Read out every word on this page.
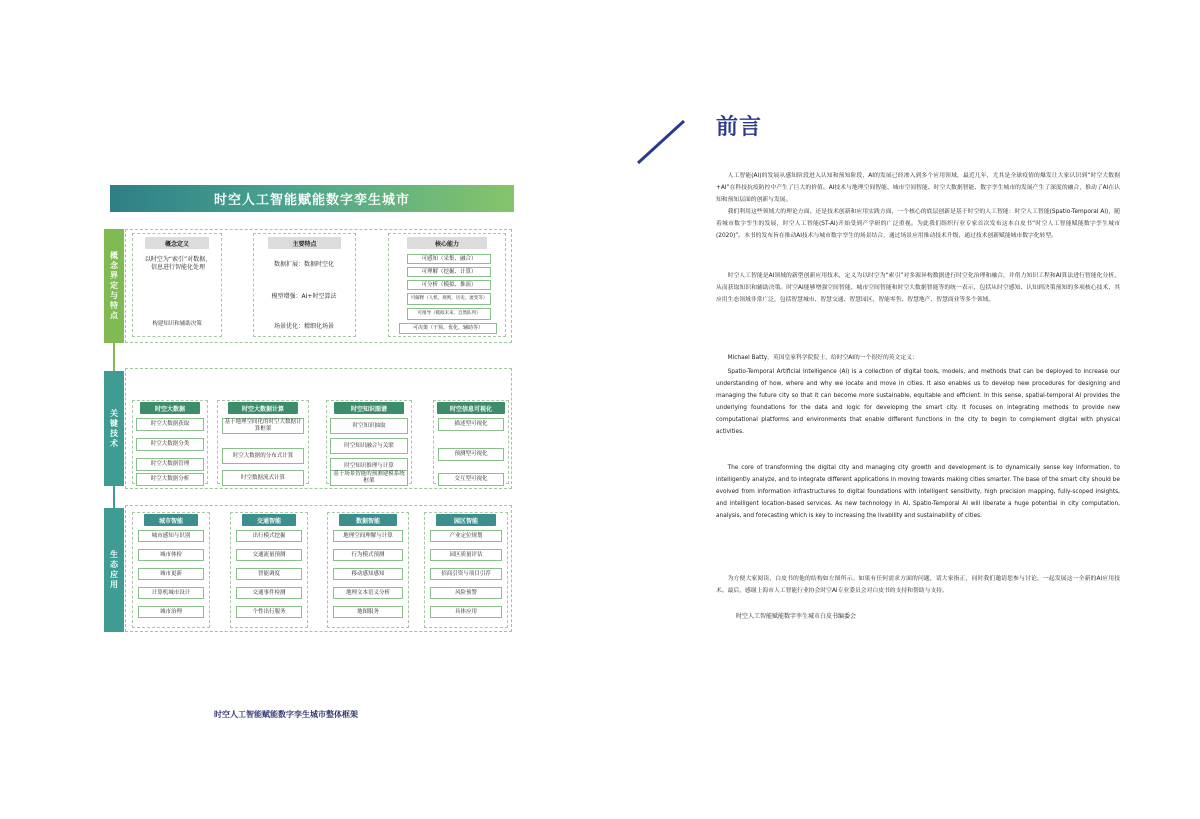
时空人工智能赋能数字孪生城市
概念界定与特点
概念定义
以时空为“索引”对数据、信息进行智能化处理
构建知识和辅助决策
主要特点
数据扩展：数据时空化
模型增强：AI+时空算法
场景优化：精细化场景
核心能力
可感知（采集、融合）
可理解（挖掘、计算）
可分析（模拟、推演）
可解释（人机、规则、历史、流变等）
可推导（模拟未来、自然队列）
可决策（干预、优化、辅助等）
关键技术	时空大数据	时空大数据计算	时空知识图谱	时空信息可视化
生态应用
时空人工智能赋能数字孪生城市整体框架
前言
人工智能(AI)的发展从感知阶段进入认知和预知阶段，AI的发展已经渗入到多个应用领域，最近几年，尤其是全球疫情的爆发让大家认识到“时空大数据+AI”在科技抗疫防控中产生了巨大的价值。AI技术与地理空间智能、城市空间智能、时空大数据智能、数字孪生城市的发展产生了深度的融合，推动了AI在认知和预知层面的创新与发展。
我们利用这些领域大的理论方面、还是技术创新和应用实践方面，一个核心的底层创新是基于时空的人工智能：时空人工智能(Spatio-Temporal AI)，随着城市数字孪生的发展，时空人工智能(ST-AI)开始受到产学研的广泛重视。为此我们组织行业专家首次发布这本白皮书“时空人工智能赋能数字孪生城市(2020)”。本书的发布旨在推动AI技术与城市数字孪生的场景结合，通过场景应用推动技术升级，通过技术创新赋能城市数字化转型。
时空人工智能是AI领域的新型创新应用技术，定义为以时空为“索引”对多源异构数据进行时空化治理和融合，并借力知识工程和AI算法进行智能化分析，从而获取知识和辅助决策。时空AI能够增强空间智能、城市空间智能和时空大数据智能等的统一表示，包括从时空感知、认知到决策预知的多项核心技术，其应用生态领域非常广泛，包括智慧城市、智慧交通、智慧园区、智能零售、智慧地产、智慧商业等多个领域。
Michael Batty，英国皇家科学院院士，给时空AI的一个很好的英文定义：
Spatio-Temporal Artificial Intelligence (AI) is a collection of digital tools, models, and methods that can be deployed to increase our understanding of how, where and why we locate and move in cities. It also enables us to develop new procedures for designing and managing the future city so that it can become more sustainable, equitable and efficient. In this sense, spatial-temporal AI provides the underlying foundations for the data and logic for developing the smart city. It focuses on integrating methods to provide new computational platforms and environments that enable different functions in the city to begin to complement digital with physical activities.
The core of transforming the digital city and managing city growth and development is to dynamically sense key information, to intelligently analyze, and to integrate different applications in moving towards making cities smarter. The base of the smart city should be evolved from information infrastructures to digital foundations with intelligent sensitivity, high precision mapping, fully-scoped insights, and intelligent location-based services. As new technology in AI, Spatio-Temporal AI will liberate a huge potential in city computation, analysis, and forecasting which is key to increasing the livability and sustainability of cities.
为方便大家阅读，白皮书的他的结构如左图所示。如果有任何需求方面的问题，请大家指正，同时我们邀请您参与讨论，一起发展这一全新的AI应用技术。最后，感谢上海市人工智能行业协会时空AI专业委员会对白皮书的支持和帮助与支持。
时空人工智能赋能数字孪生城市白皮书编委会
时空大数据获取
时空大数据分类
时空大数据管理
时空大数据分析
基于地理空间化的时空大数据计算框架
时空大数据的分布式计算
时空数据流式计算
时空知识抽取
时空知识融合与关联
时空知识推理与计算
基于场景智能的预测建模系统框架
描述型可视化
预测型可视化
交互型可视化
城市智能
城市感知与识别
城市体检
城市更新
计算机城市设计
城市治理
交通智能
出行模式挖掘
交通流量预测
智能调度
交通事件检测
个性出行服务
数据智能
地理空间理解与计算
行为模式预测
移动感知感知
地理文本语义分析
地图服务
园区智能
产业定位规划
园区质量评估
招商引资与项目引荐
风险预警
具体应用
